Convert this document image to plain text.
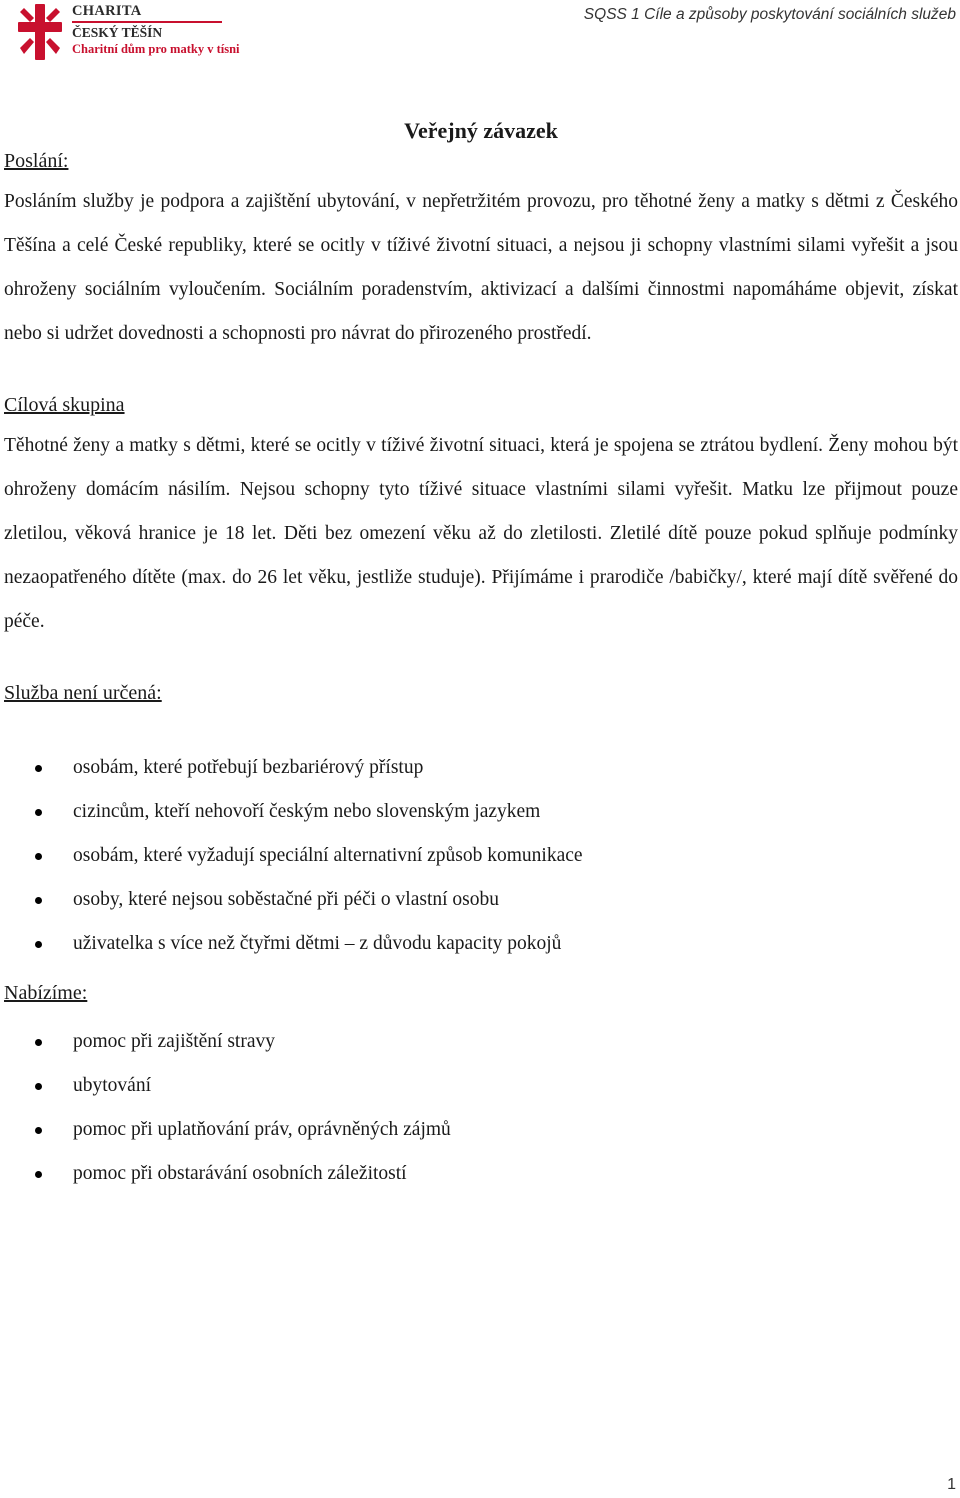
CHARITA
ČESKÝ TĚŠÍN
Charitní dům pro matky v tísni
SQSS 1 Cíle a způsoby poskytování sociálních služeb
Veřejný závazek
Poslání:

Posláním služby je podpora a zajištění ubytování, v nepřetržitém provozu, pro těhotné ženy a matky s dětmi z Českého Těšína a celé České republiky, které se ocitly v tíživé životní situaci, a nejsou ji schopny vlastními silami vyřešit a jsou ohroženy sociálním vyloučením. Sociálním poradenstvím, aktivizací a dalšími činnostmi napomáháme objevit, získat nebo si udržet dovednosti a schopnosti pro návrat do přirozeného prostředí.

Cílová skupina

Těhotné ženy a matky s dětmi, které se ocitly v tíživé životní situaci, která je spojena se ztrátou bydlení. Ženy mohou být ohroženy domácím násilím. Nejsou schopny tyto tíživé situace vlastními silami vyřešit. Matku lze přijmout pouze zletilou, věková hranice je 18 let. Děti bez omezení věku až do zletilosti. Zletilé dítě pouze pokud splňuje podmínky nezaopatřeného dítěte (max. do 26 let věku, jestliže studuje). Přijímáme i prarodiče /babičky/, které mají dítě svěřené do péče.

Služba není určená:
osobám, které potřebují bezbariérový přístup
cizincům, kteří nehovoří českým nebo slovenským jazykem
osobám, které vyžadují speciální alternativní způsob komunikace
osoby, které nejsou soběstačné při péči o vlastní osobu
uživatelka s více než čtyřmi dětmi – z důvodu kapacity pokojů
Nabízíme:
pomoc při zajištění stravy
ubytování
pomoc při uplatňování práv, oprávněných zájmů
pomoc při obstarávání osobních záležitostí
1
